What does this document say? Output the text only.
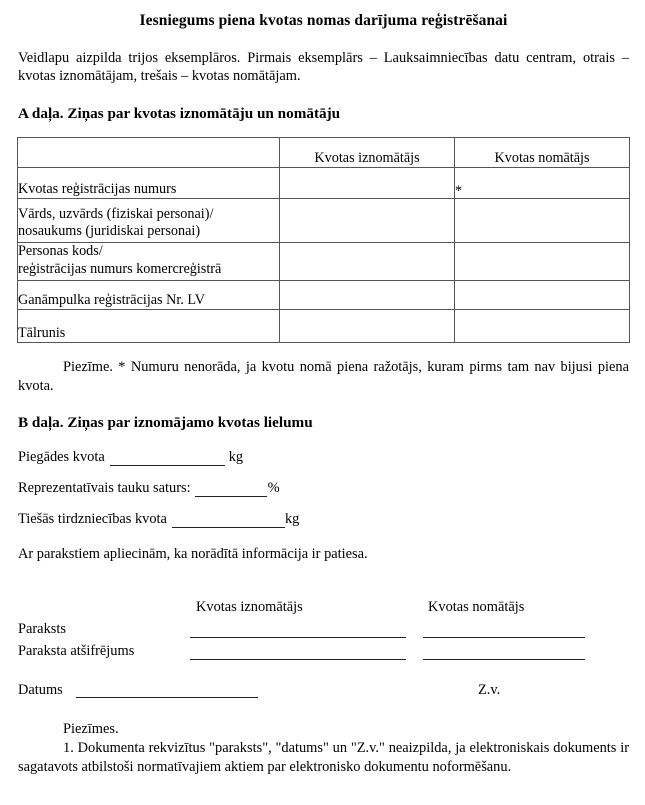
Iesniegums piena kvotas nomas darījuma reģistrēšanai

Veidlapu aizpilda trijos eksemplāros. Pirmais eksemplārs – Lauksaimniecības datu centram, otrais – kvotas iznomātājam, trešais – kvotas nomātājam.

A daļa. Ziņas par kvotas iznomātāju un nomātāju
	Kvotas iznomātājs	Kvotas nomātājs
Kvotas reģistrācijas numurs		*

Vārds, uzvārds (fiziskai personai)/
nosaukums (juridiskai personai)		

Personas kods/
reģistrācijas numurs komercreģistrā		

Ganāmpulka reģistrācijas Nr. LV		
Tālrunis		

Piezīme. * Numuru nenorāda, ja kvotu nomā piena ražotājs, kuram pirms tam nav bijusi piena kvota.

B daļa. Ziņas par iznomājamo kvotas lielumu
Piegādes kvota	kg
Reprezentatīvais tauku saturs:	%
Tiešās tirdzniecības kvota	kg

Ar parakstiem apliecinām, ka norādītā informācija ir patiesa.

Kvotas iznomātājs	Kvotas nomātājs
Paraksts
Paraksta atšifrējums
Datums	Z.v.

Piezīmes.

1. Dokumenta rekvizītus "paraksts", "datums" un "Z.v." neaizpilda, ja elektroniskais dokuments ir sagatavots atbilstoši normatīvajiem aktiem par elektronisko dokumentu noformēšanu.
